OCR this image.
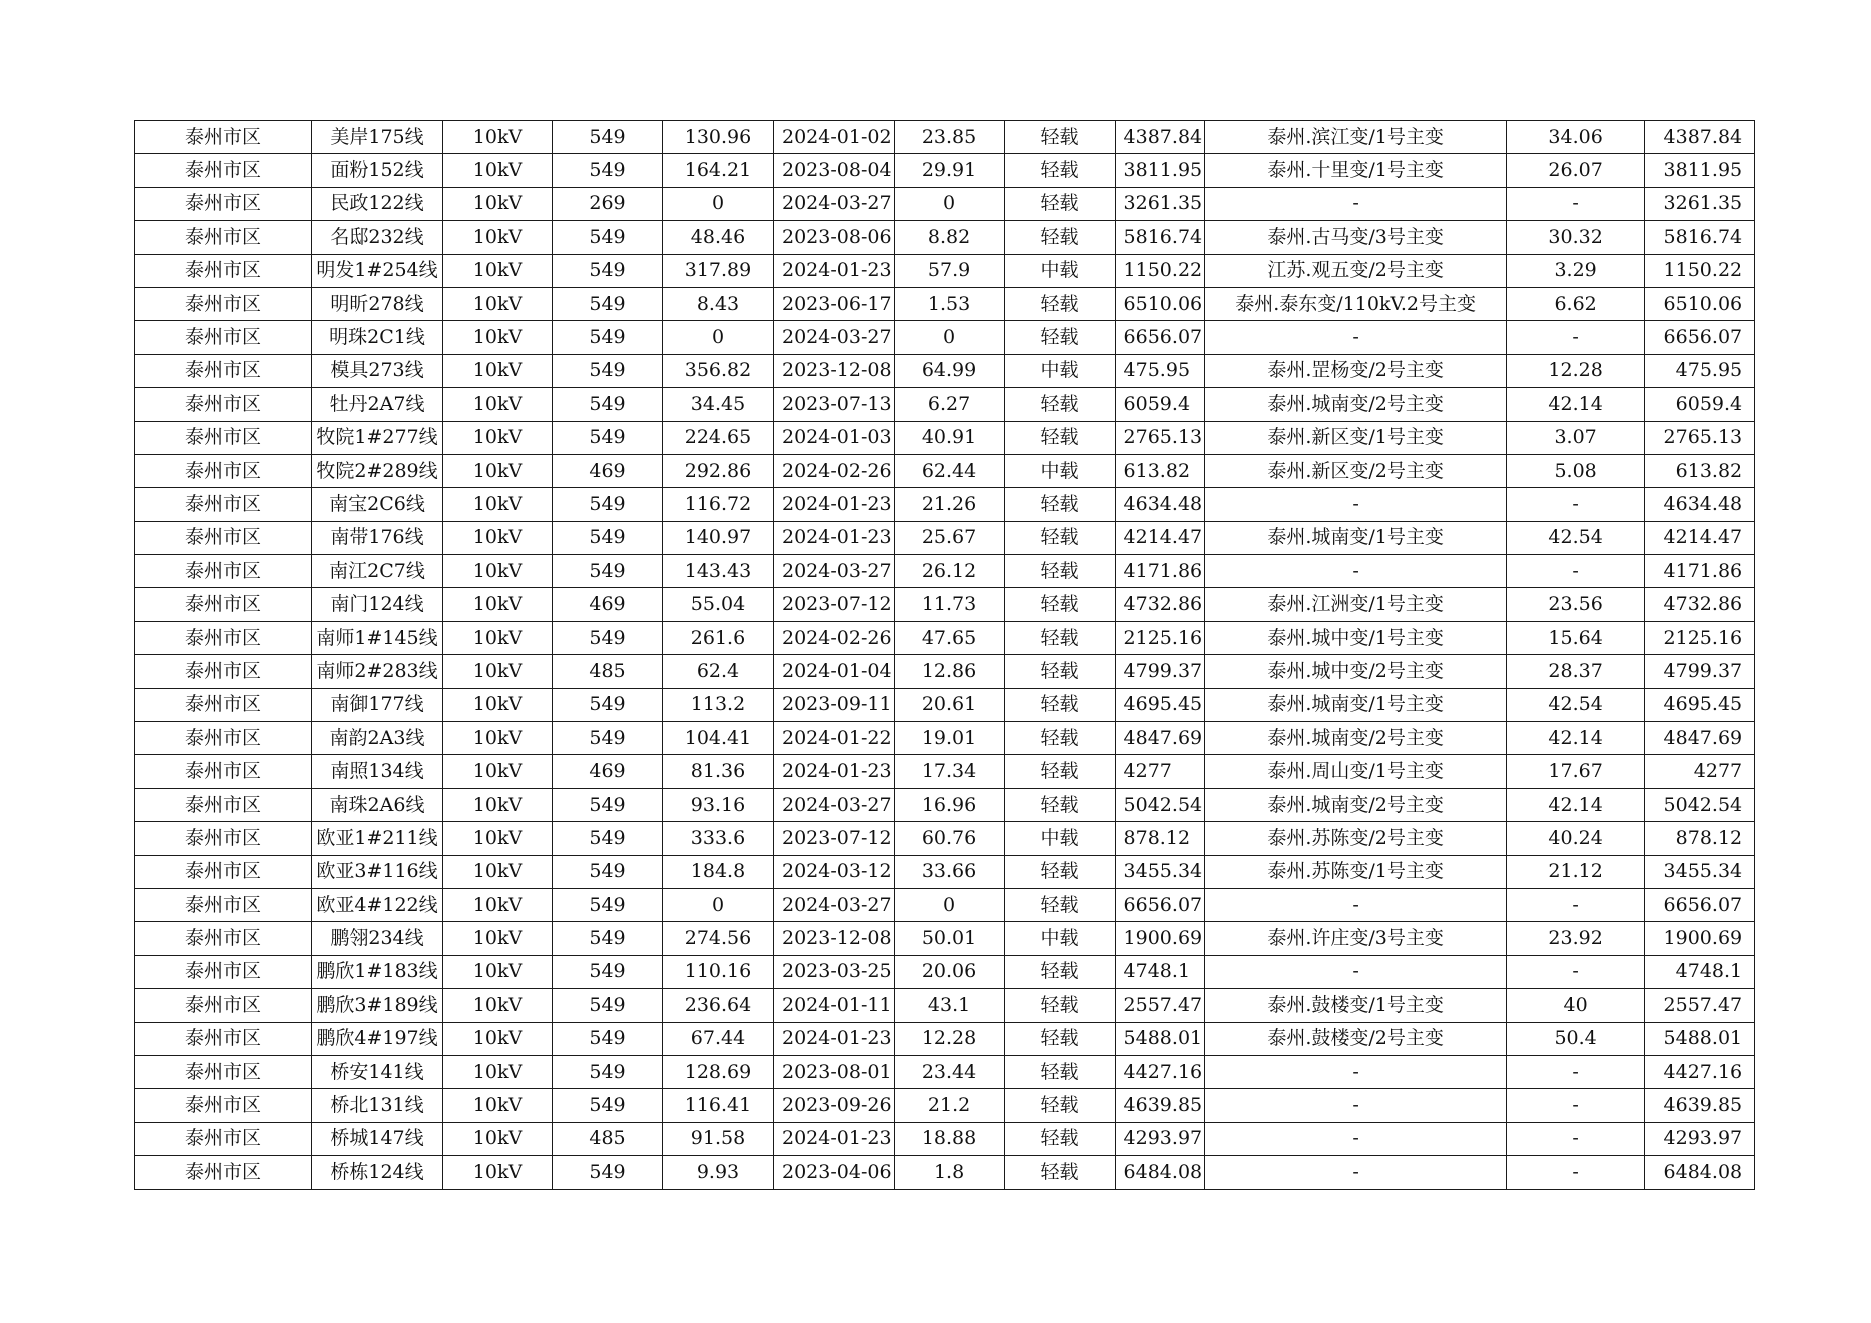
泰州市区	美岸175线	10kV	549	130.96	2024-01-02	23.85	轻载	4387.84	泰州.滨江变/1号主变	34.06	4387.84
泰州市区	面粉152线	10kV	549	164.21	2023-08-04	29.91	轻载	3811.95	泰州.十里变/1号主变	26.07	3811.95
泰州市区	民政122线	10kV	269	0	2024-03-27	0	轻载	3261.35	-	-	3261.35
泰州市区	名邸232线	10kV	549	48.46	2023-08-06	8.82	轻载	5816.74	泰州.古马变/3号主变	30.32	5816.74
泰州市区	明发1#254线	10kV	549	317.89	2024-01-23	57.9	中载	1150.22	江苏.观五变/2号主变	3.29	1150.22
泰州市区	明昕278线	10kV	549	8.43	2023-06-17	1.53	轻载	6510.06	泰州.泰东变/110kV.2号主变	6.62	6510.06
泰州市区	明珠2C1线	10kV	549	0	2024-03-27	0	轻载	6656.07	-	-	6656.07
泰州市区	模具273线	10kV	549	356.82	2023-12-08	64.99	中载	475.95	泰州.罡杨变/2号主变	12.28	475.95
泰州市区	牡丹2A7线	10kV	549	34.45	2023-07-13	6.27	轻载	6059.4	泰州.城南变/2号主变	42.14	6059.4
泰州市区	牧院1#277线	10kV	549	224.65	2024-01-03	40.91	轻载	2765.13	泰州.新区变/1号主变	3.07	2765.13
泰州市区	牧院2#289线	10kV	469	292.86	2024-02-26	62.44	中载	613.82	泰州.新区变/2号主变	5.08	613.82
泰州市区	南宝2C6线	10kV	549	116.72	2024-01-23	21.26	轻载	4634.48	-	-	4634.48
泰州市区	南带176线	10kV	549	140.97	2024-01-23	25.67	轻载	4214.47	泰州.城南变/1号主变	42.54	4214.47
泰州市区	南江2C7线	10kV	549	143.43	2024-03-27	26.12	轻载	4171.86	-	-	4171.86
泰州市区	南门124线	10kV	469	55.04	2023-07-12	11.73	轻载	4732.86	泰州.江洲变/1号主变	23.56	4732.86
泰州市区	南师1#145线	10kV	549	261.6	2024-02-26	47.65	轻载	2125.16	泰州.城中变/1号主变	15.64	2125.16
泰州市区	南师2#283线	10kV	485	62.4	2024-01-04	12.86	轻载	4799.37	泰州.城中变/2号主变	28.37	4799.37
泰州市区	南御177线	10kV	549	113.2	2023-09-11	20.61	轻载	4695.45	泰州.城南变/1号主变	42.54	4695.45
泰州市区	南韵2A3线	10kV	549	104.41	2024-01-22	19.01	轻载	4847.69	泰州.城南变/2号主变	42.14	4847.69
泰州市区	南照134线	10kV	469	81.36	2024-01-23	17.34	轻载	4277	泰州.周山变/1号主变	17.67	4277
泰州市区	南珠2A6线	10kV	549	93.16	2024-03-27	16.96	轻载	5042.54	泰州.城南变/2号主变	42.14	5042.54
泰州市区	欧亚1#211线	10kV	549	333.6	2023-07-12	60.76	中载	878.12	泰州.苏陈变/2号主变	40.24	878.12
泰州市区	欧亚3#116线	10kV	549	184.8	2024-03-12	33.66	轻载	3455.34	泰州.苏陈变/1号主变	21.12	3455.34
泰州市区	欧亚4#122线	10kV	549	0	2024-03-27	0	轻载	6656.07	-	-	6656.07
泰州市区	鹏翎234线	10kV	549	274.56	2023-12-08	50.01	中载	1900.69	泰州.许庄变/3号主变	23.92	1900.69
泰州市区	鹏欣1#183线	10kV	549	110.16	2023-03-25	20.06	轻载	4748.1	-	-	4748.1
泰州市区	鹏欣3#189线	10kV	549	236.64	2024-01-11	43.1	轻载	2557.47	泰州.鼓楼变/1号主变	40	2557.47
泰州市区	鹏欣4#197线	10kV	549	67.44	2024-01-23	12.28	轻载	5488.01	泰州.鼓楼变/2号主变	50.4	5488.01
泰州市区	桥安141线	10kV	549	128.69	2023-08-01	23.44	轻载	4427.16	-	-	4427.16
泰州市区	桥北131线	10kV	549	116.41	2023-09-26	21.2	轻载	4639.85	-	-	4639.85
泰州市区	桥城147线	10kV	485	91.58	2024-01-23	18.88	轻载	4293.97	-	-	4293.97
泰州市区	桥栋124线	10kV	549	9.93	2023-04-06	1.8	轻载	6484.08	-	-	6484.08
